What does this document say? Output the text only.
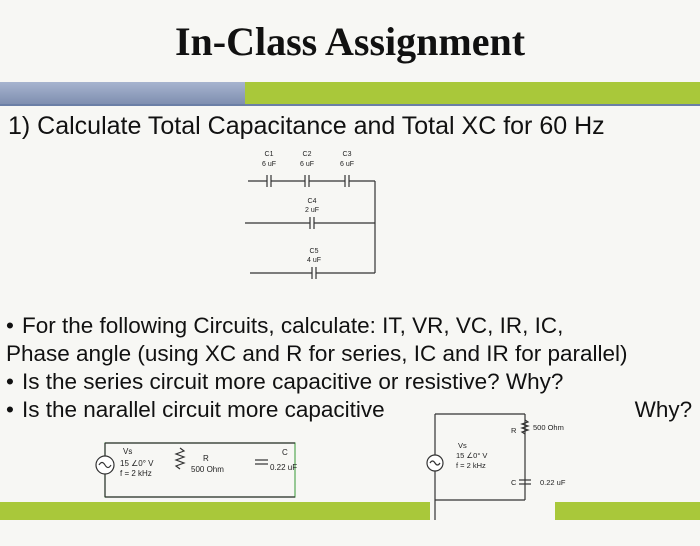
In-Class Assignment
1) Calculate Total Capacitance and Total XC for 60 Hz
C1
6 uF
C2
6 uF
C3
6 uF
C4
2 uF
C5
4 uF
Vs
15 ∠0° V
f = 2 kHz
R
500 Ohm
C
0.22 uF
Vs
15 ∠0° V
f = 2 kHz
R 500 Ohm
C	0.22 uF
• For the following Circuits, calculate: IT, VR, VC, IR, IC,
Phase angle (using XC and R for series, IC and IR for parallel)
• Is the series circuit more capacitive or resistive? Why?
• Is the narallel circuit more capacitive	Why?
